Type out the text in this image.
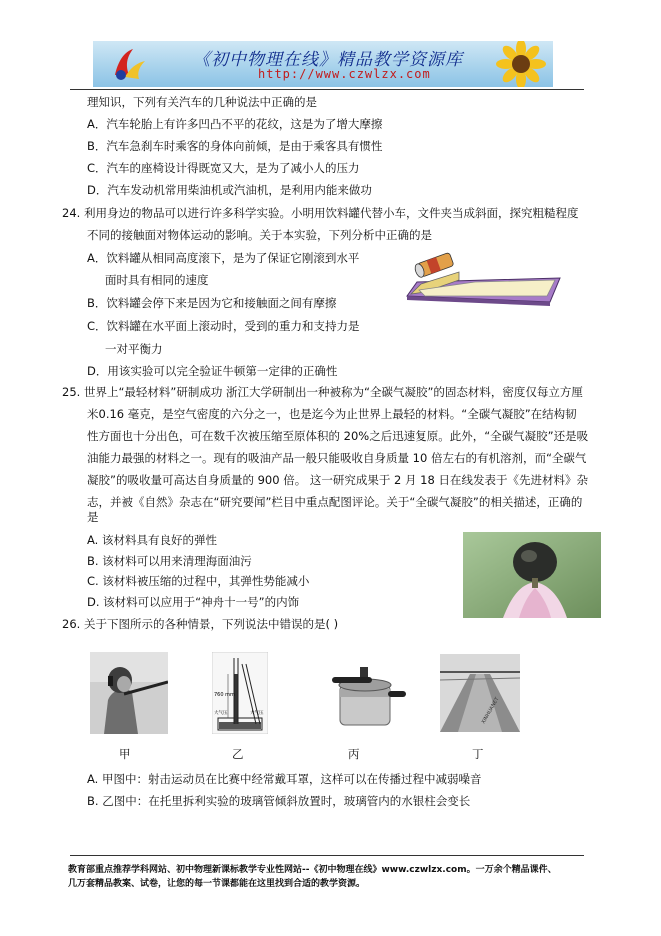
《初中物理在线》精品教学资源库
http://www.czwlzx.com
理知识，下列有关汽车的几种说法中正确的是
A．汽车轮胎上有许多凹凸不平的花纹，这是为了增大摩擦
B．汽车急刹车时乘客的身体向前倾，是由于乘客具有惯性
C．汽车的座椅设计得既宽又大，是为了减小人的压力
D．汽车发动机常用柴油机或汽油机，是利用内能来做功
24. 利用身边的物品可以进行许多科学实验。小明用饮料罐代替小车，文件夹当成斜面，探究粗糙程度
不同的接触面对物体运动的影响。关于本实验，下列分析中正确的是
A．饮料罐从相同高度滚下，是为了保证它刚滚到水平
面时具有相同的速度
B．饮料罐会停下来是因为它和接触面之间有摩擦
C．饮料罐在水平面上滚动时，受到的重力和支持力是
一对平衡力
D．用该实验可以完全验证牛顿第一定律的正确性
25. 世界上“最轻材料”研制成功 浙江大学研制出一种被称为“全碳气凝胶”的固态材料，密度仅每立方厘
米0.16 毫克，是空气密度的六分之一，也是迄今为止世界上最轻的材料。“全碳气凝胶”在结构韧
性方面也十分出色，可在数千次被压缩至原体积的 20%之后迅速复原。此外，“全碳气凝胶”还是吸
油能力最强的材料之一。现有的吸油产品一般只能吸收自身质量 10 倍左右的有机溶剂，而“全碳气
凝胶”的吸收量可高达自身质量的 900 倍。 这一研究成果于 2 月 18 日在线发表于《先进材料》杂
志，并被《自然》杂志在“研究要闻”栏目中重点配图评论。关于“全碳气凝胶”的相关描述，正确的
是
A. 该材料具有良好的弹性
B. 该材料可以用来清理海面油污
C. 该材料被压缩的过程中，其弹性势能减小
D. 该材料可以应用于“神舟十一号”的内饰
26. 关于下图所示的各种情景，下列说法中错误的是( )
760 mm
大气压	大气压	XINHUANET
甲	乙	丙	丁
A. 甲图中：射击运动员在比赛中经常戴耳罩，这样可以在传播过程中减弱噪音
B. 乙图中：在托里拆利实验的玻璃管倾斜放置时，玻璃管内的水银柱会变长
教育部重点推荐学科网站、初中物理新课标教学专业性网站--《初中物理在线》www.czwlzx.com。一万余个精品课件、
几万套精品教案、试卷，让您的每一节课都能在这里找到合适的教学资源。
